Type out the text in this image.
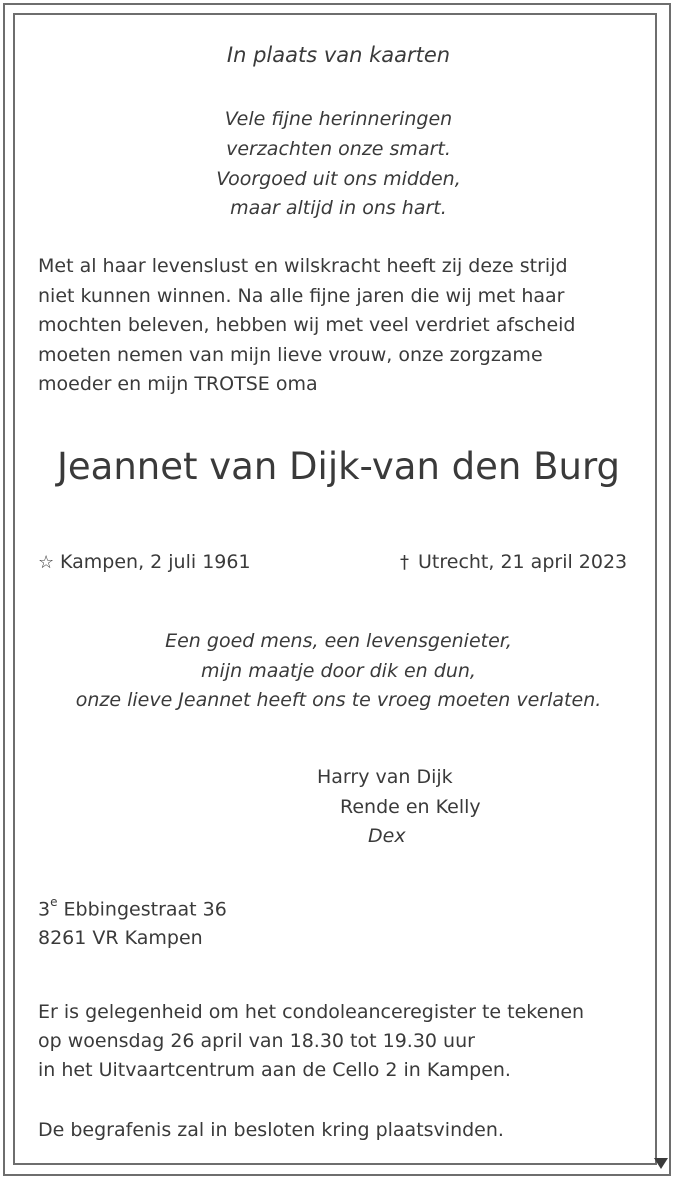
In plaats van kaarten
Vele fijne herinneringen
verzachten onze smart.
Voorgoed uit ons midden,
maar altijd in ons hart.
Met al haar levenslust en wilskracht heeft zij deze strijd
niet kunnen winnen. Na alle fijne jaren die wij met haar
mochten beleven, hebben wij met veel verdriet afscheid
moeten nemen van mijn lieve vrouw, onze zorgzame
moeder en mijn TROTSE oma
Jeannet van Dijk-van den Burg
☆ Kampen, 2 juli 1961	† Utrecht, 21 april 2023
Een goed mens, een levensgenieter,
mijn maatje door dik en dun,
onze lieve Jeannet heeft ons te vroeg moeten verlaten.
Harry van Dijk
Rende en Kelly
Dex
3e Ebbingestraat 36
8261 VR Kampen
Er is gelegenheid om het condoleanceregister te tekenen
op woensdag 26 april van 18.30 tot 19.30 uur
in het Uitvaartcentrum aan de Cello 2 in Kampen.
De begrafenis zal in besloten kring plaatsvinden.
